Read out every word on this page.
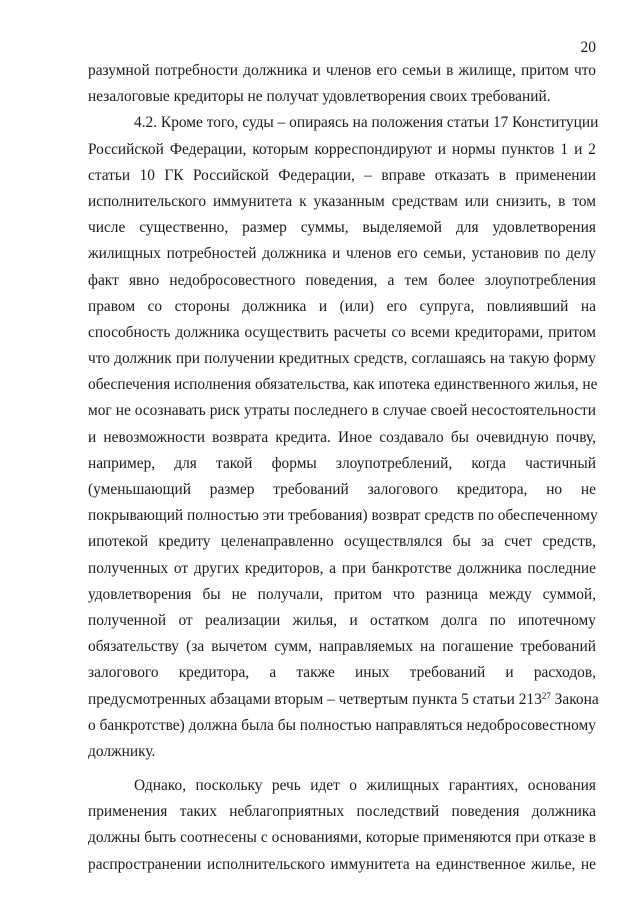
20
разумной потребности должника и членов его семьи в жилище, притом что
незалоговые кредиторы не получат удовлетворения своих требований.
4.2. Кроме того, суды – опираясь на положения статьи 17 Конституции
Российской Федерации, которым корреспондируют и нормы пунктов 1 и 2
статьи 10 ГК Российской Федерации, – вправе отказать в применении
исполнительского иммунитета к указанным средствам или снизить, в том
числе существенно, размер суммы, выделяемой для удовлетворения
жилищных потребностей должника и членов его семьи, установив по делу
факт явно недобросовестного поведения, а тем более злоупотребления
правом со стороны должника и (или) его супруга, повлиявший на
способность должника осуществить расчеты со всеми кредиторами, притом
что должник при получении кредитных средств, соглашаясь на такую форму
обеспечения исполнения обязательства, как ипотека единственного жилья, не
мог не осознавать риск утраты последнего в случае своей несостоятельности
и невозможности возврата кредита. Иное создавало бы очевидную почву,
например, для такой формы злоупотреблений, когда частичный
(уменьшающий размер требований залогового кредитора, но не
покрывающий полностью эти требования) возврат средств по обеспеченному
ипотекой кредиту целенаправленно осуществлялся бы за счет средств,
полученных от других кредиторов, а при банкротстве должника последние
удовлетворения бы не получали, притом что разница между суммой,
полученной от реализации жилья, и остатком долга по ипотечному
обязательству (за вычетом сумм, направляемых на погашение требований
залогового кредитора, а также иных требований и расходов,
предусмотренных абзацами вторым – четвертым пункта 5 статьи $213^{27}$ Закона
о банкротстве) должна была бы полностью направляться недобросовестному
должнику.
Однако, поскольку речь идет о жилищных гарантиях, основания
применения таких неблагоприятных последствий поведения должника
должны быть соотнесены с основаниями, которые применяются при отказе в
распространении исполнительского иммунитета на единственное жилье, не
